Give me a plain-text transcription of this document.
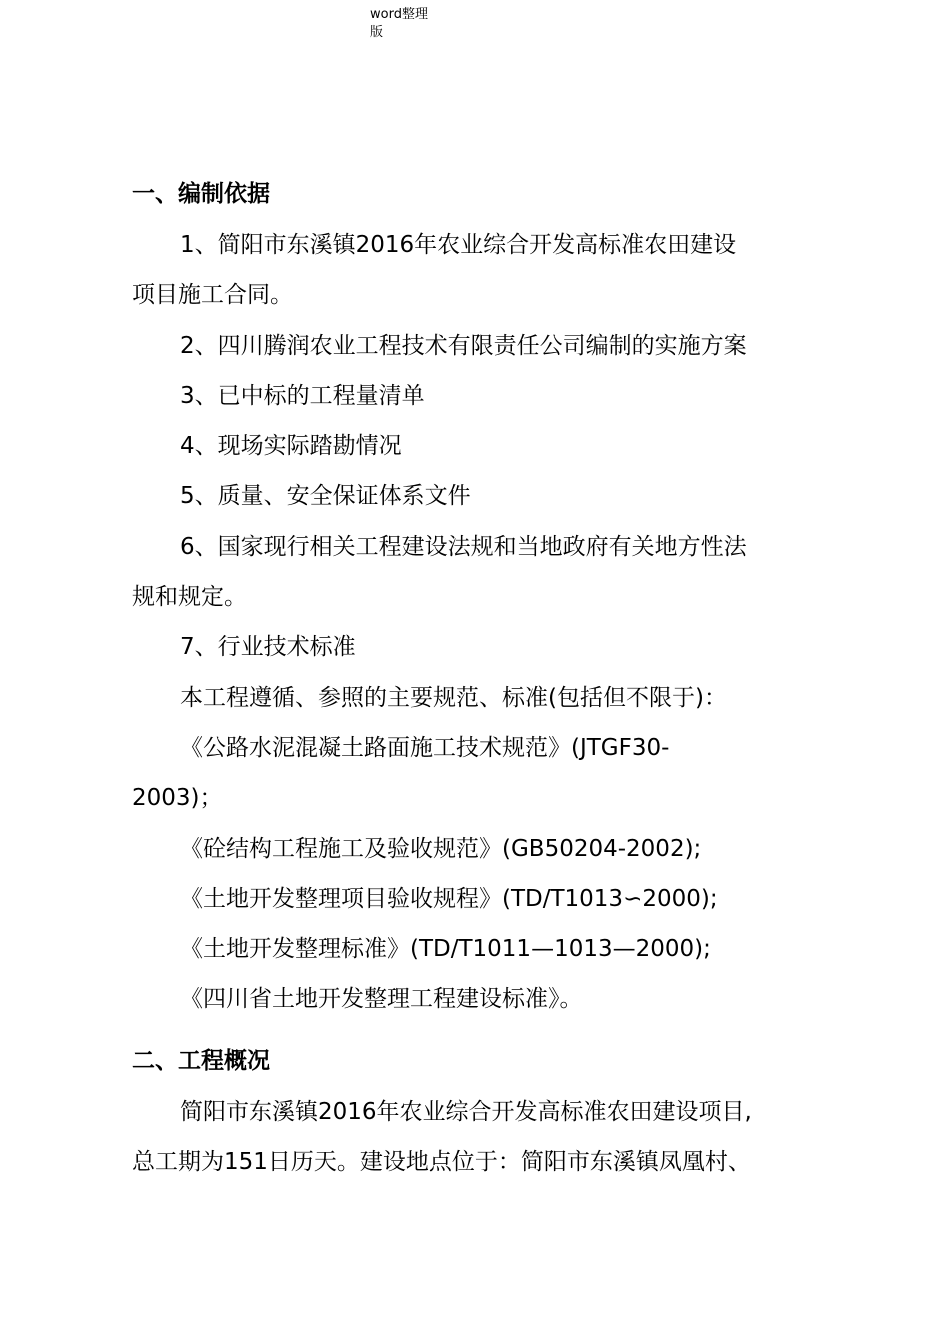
word整理
版

一、编制依据

1、简阳市东溪镇2016年农业综合开发高标准农田建设

项目施工合同。

2、四川腾润农业工程技术有限责任公司编制的实施方案

3、已中标的工程量清单

4、现场实际踏勘情况

5、质量、安全保证体系文件

6、国家现行相关工程建设法规和当地政府有关地方性法

规和规定。

7、行业技术标准

本工程遵循、参照的主要规范、标准(包括但不限于)：

《公路水泥混凝土路面施工技术规范》(JTGF30-

2003)；

《砼结构工程施工及验收规范》(GB50204-2002);

《土地开发整理项目验收规程》(TD/T1013∽2000);

《土地开发整理标准》(TD/T1011—1013—2000);

《四川省土地开发整理工程建设标准》。

二、工程概况

简阳市东溪镇2016年农业综合开发高标准农田建设项目,

总工期为151日历天。建设地点位于：简阳市东溪镇凤凰村、
